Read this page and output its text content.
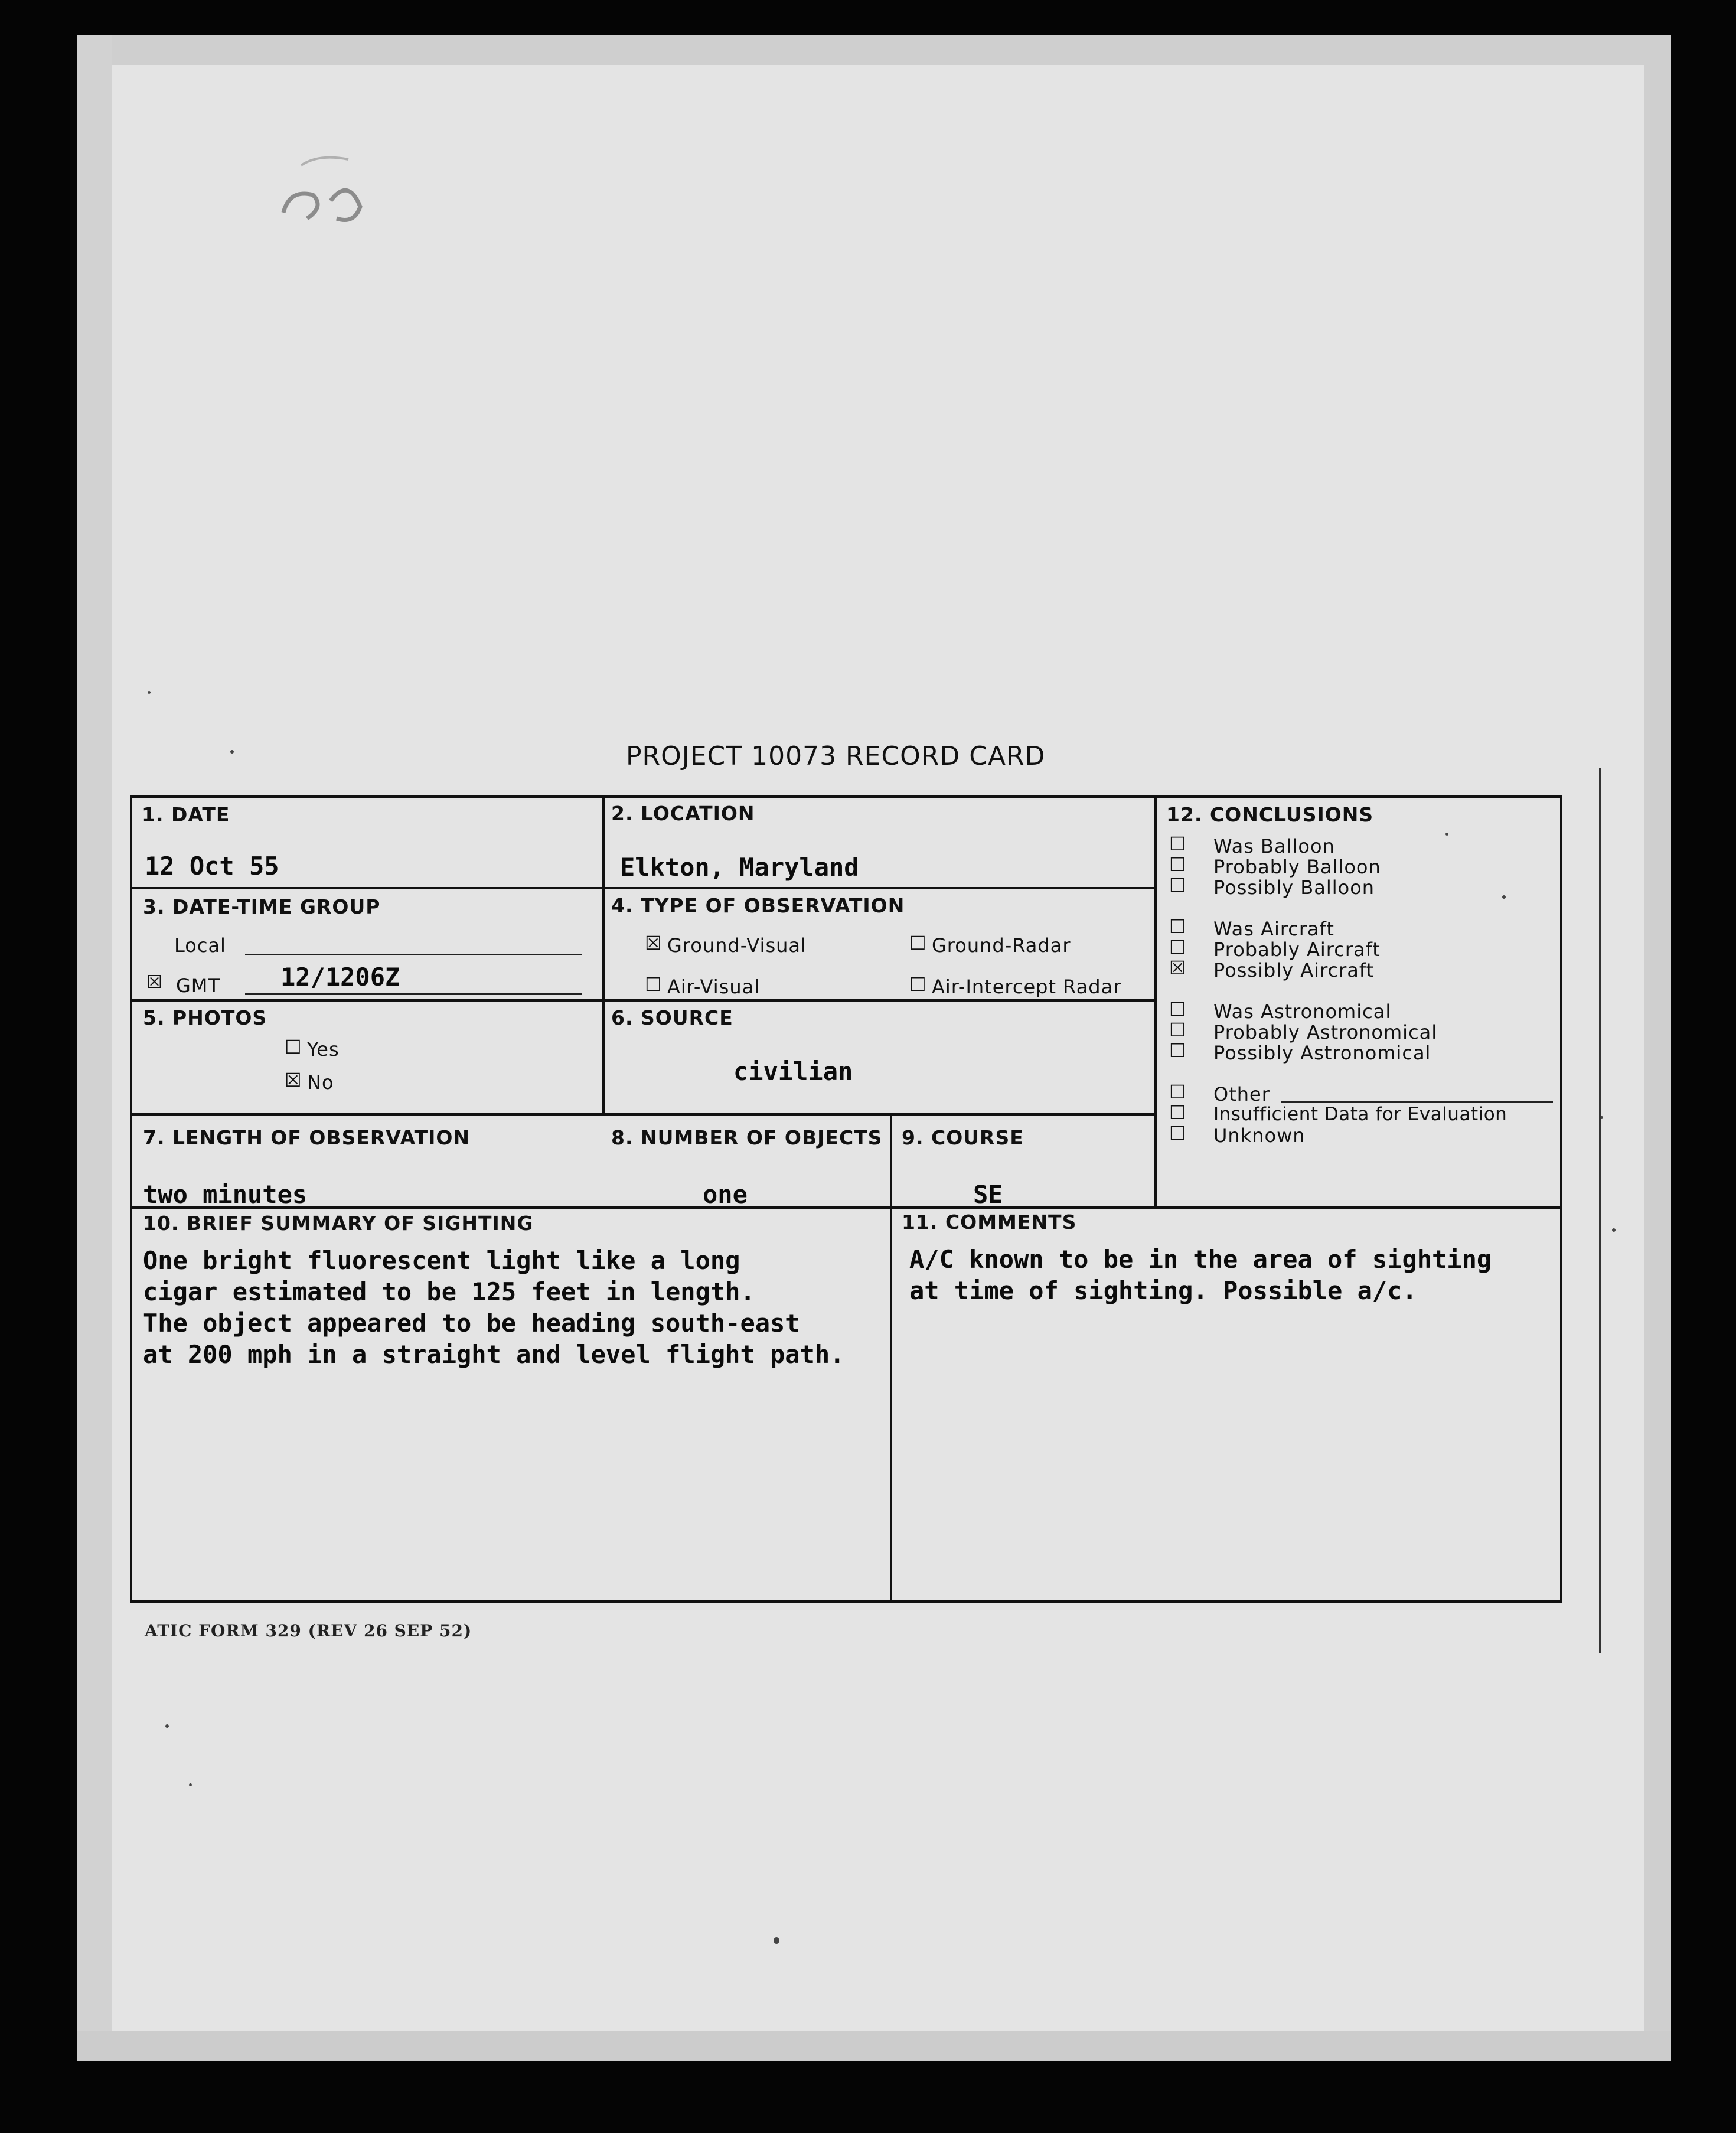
PROJECT 10073 RECORD CARD
1. DATE
12 Oct 55
2. LOCATION
Elkton, Maryland
3. DATE-TIME GROUP
Local
☒ GMT 12/1206Z
4. TYPE OF OBSERVATION
☒ Ground-Visual	☐ Ground-Radar
☐ Air-Visual	☐ Air-Intercept Radar
5. PHOTOS
☐ Yes
☒ No
6. SOURCE
civilian
7. LENGTH OF OBSERVATION
two minutes
8. NUMBER OF OBJECTS
one
9. COURSE
SE
10. BRIEF SUMMARY OF SIGHTING
One bright fluorescent light like a long
cigar estimated to be 125 feet in length.
The object appeared to be heading south-east
at 200 mph in a straight and level flight path.
11. COMMENTS
A/C known to be in the area of sighting
at time of sighting. Possible a/c.
12. CONCLUSIONS
☐ Was Balloon
☐ Probably Balloon
☐ Possibly Balloon
☐ Was Aircraft
☐ Probably Aircraft
☒ Possibly Aircraft
☐ Was Astronomical
☐ Probably Astronomical
☐ Possibly Astronomical
☐ Other
☐ Insufficient Data for Evaluation
☐ Unknown
ATIC FORM 329 (REV 26 SEP 52)
